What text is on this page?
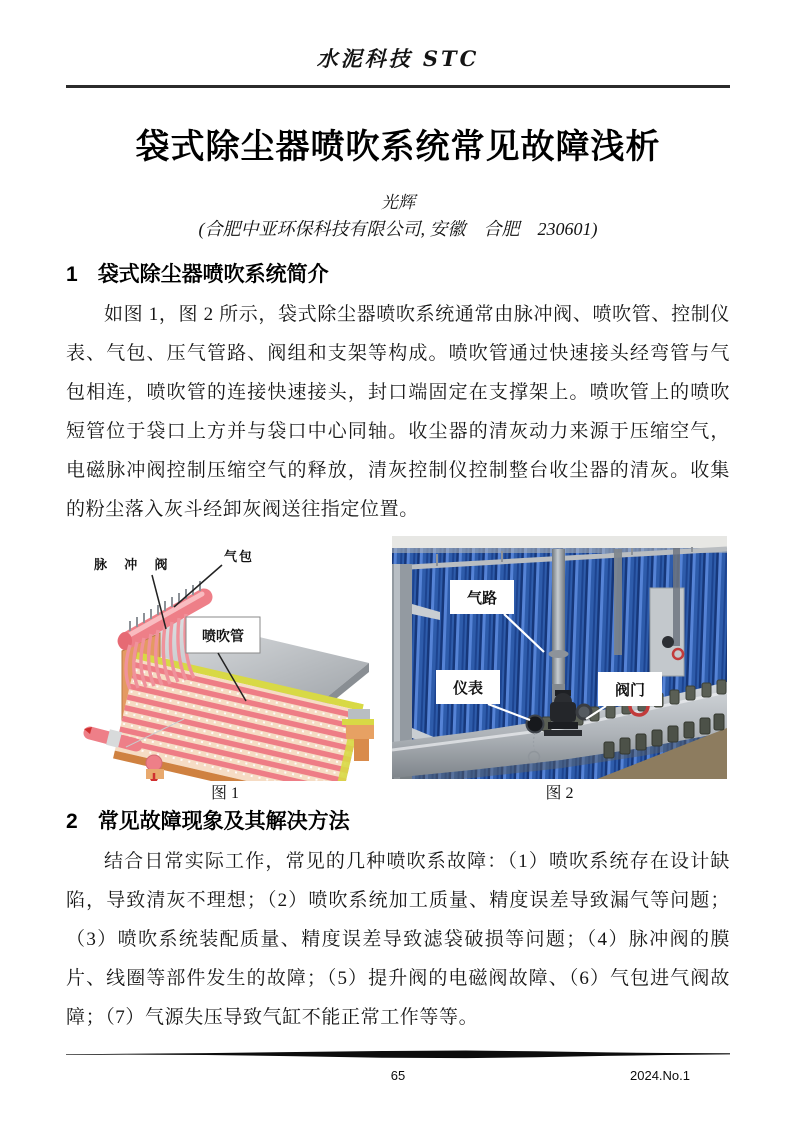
水泥科技 STC
袋式除尘器喷吹系统常见故障浅析
光辉
(合肥中亚环保科技有限公司, 安徽　合肥　230601)
1 袋式除尘器喷吹系统简介

如图 1，图 2 所示，袋式除尘器喷吹系统通常由脉冲阀、喷吹管、控制仪表、气包、压气管路、阀组和支架等构成。喷吹管通过快速接头经弯管与气包相连，喷吹管的连接快速接头，封口端固定在支撑架上。喷吹管上的喷吹短管位于袋口上方并与袋口中心同轴。收尘器的清灰动力来源于压缩空气，电磁脉冲阀控制压缩空气的释放，清灰控制仪控制整台收尘器的清灰。收集的粉尘落入灰斗经卸灰阀送往指定位置。

脉 冲 阀
气包
喷吹管
气路
仪表	阀门
图 1	图 2
2 常见故障现象及其解决方法

结合日常实际工作，常见的几种喷吹系故障：（1）喷吹系统存在设计缺陷，导致清灰不理想；（2）喷吹系统加工质量、精度误差导致漏气等问题；（3）喷吹系统装配质量、精度误差导致滤袋破损等问题；（4）脉冲阀的膜片、线圈等部件发生的故障；（5）提升阀的电磁阀故障、（6）气包进气阀故障；（7）气源失压导致气缸不能正常工作等等。

65	2024.No.1
